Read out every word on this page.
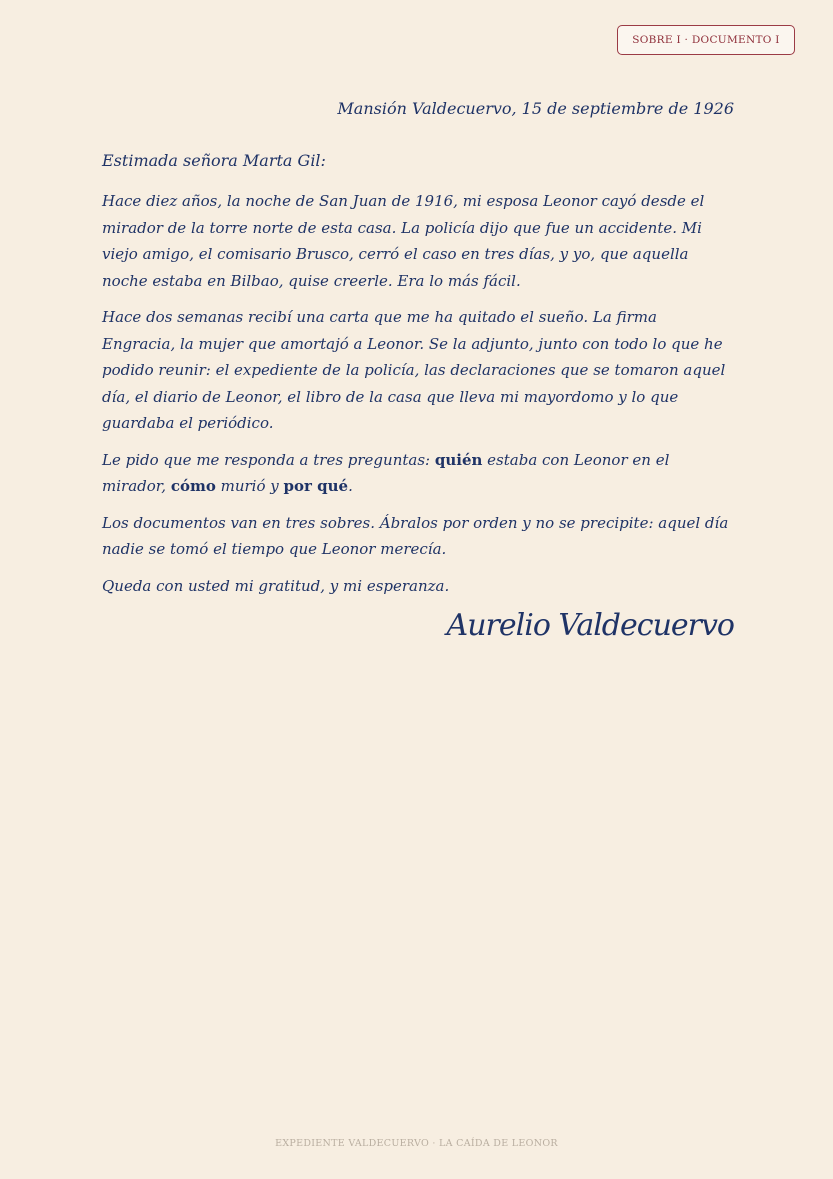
SOBRE I · DOCUMENTO I

Mansión Valdecuervo, 15 de septiembre de 1926

Estimada señora Marta Gil:

Hace diez años, la noche de San Juan de 1916, mi esposa Leonor cayó desde el mirador de la torre norte de esta casa. La policía dijo que fue un accidente. Mi viejo amigo, el comisario Brusco, cerró el caso en tres días, y yo, que aquella noche estaba en Bilbao, quise creerle. Era lo más fácil.

Hace dos semanas recibí una carta que me ha quitado el sueño. La firma Engracia, la mujer que amortajó a Leonor. Se la adjunto, junto con todo lo que he podido reunir: el expediente de la policía, las declaraciones que se tomaron aquel día, el diario de Leonor, el libro de la casa que lleva mi mayordomo y lo que guardaba el periódico.

Le pido que me responda a tres preguntas: quién estaba con Leonor en el mirador, cómo murió y por qué.

Los documentos van en tres sobres. Ábralos por orden y no se precipite: aquel día nadie se tomó el tiempo que Leonor merecía.

Queda con usted mi gratitud, y mi esperanza.

Aurelio Valdecuervo
EXPEDIENTE VALDECUERVO · LA CAÍDA DE LEONOR
